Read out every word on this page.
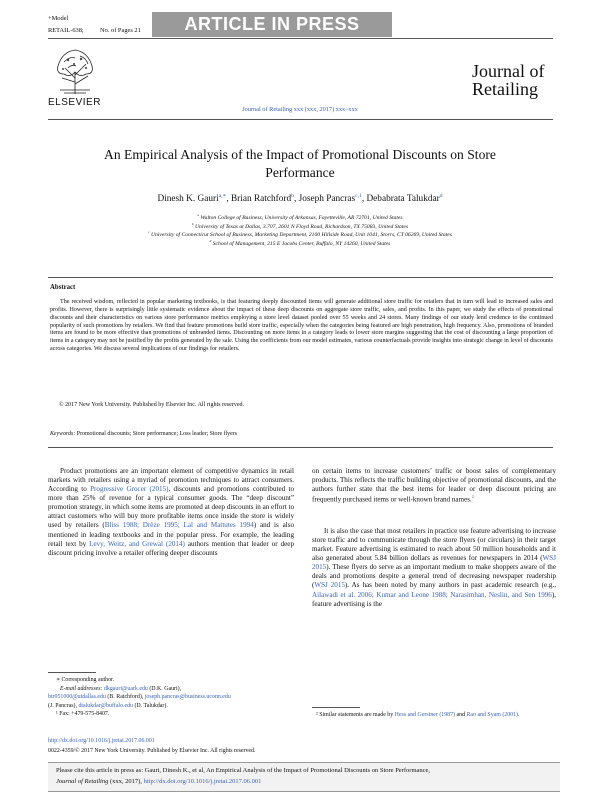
+Model
RETAIL-638;	No. of Pages 21	ARTICLE IN PRESS
ELSEVIER
Journal of
Retailing
Journal of Retailing xxx (xxx, 2017) xxx–xxx
An Empirical Analysis of the Impact of Promotional Discounts on Store
Performance
Dinesh K. Gauri$^{a,∗}$, Brian Ratchford$^b$, Joseph Pancras$^{c,1}$, Debabrata Talukdar$^d$
$^a$ Walton College of Business, University of Arkansas, Fayetteville, AR 72701, United States
$^b$ University of Texas at Dallas, 3.707, 2601 N Floyd Road, Richardson, TX 75083, United States
$^c$ University of Connecticut School of Business, Marketing Department, 2100 Hillside Road, Unit 1041, Storrs, CT 06269, United States
$^d$ School of Management, 215 E Jacobs Center, Buffalo, NY 14260, United States
Abstract
The received wisdom, reflected in popular marketing textbooks, is that featuring deeply discounted items will generate additional store traffic for retailers that in turn will lead to increased sales and profits. However, there is surprisingly little systematic evidence about the impact of these deep discounts on aggregate store traffic, sales, and profits. In this paper, we study the effects of promotional discounts and their characteristics on various store performance metrics employing a store level dataset pooled over 55 weeks and 24 stores. Many findings of our study lend credence to the continued popularity of such promotions by retailers. We find that feature promotions build store traffic, especially when the categories being featured are high penetration, high frequency. Also, promotions of branded items are found to be more effective than promotions of unbranded items. Discounting on more items in a category leads to lower store margins suggesting that the cost of discounting a large proportion of items in a category may not be justified by the profits generated by the sale. Using the coefficients from our model estimates, various counterfactuals provide insights into strategic change in level of discounts across categories. We discuss several implications of our findings for retailers.
© 2017 New York University. Published by Elsevier Inc. All rights reserved.
Keywords: Promotional discounts; Store performance; Loss leader; Store flyers
Product promotions are an important element of competitive dynamics in retail markets with retailers using a myriad of promotion techniques to attract consumers. According to Progressive Grocer (2015), discounts and promotions contributed to more than 25% of revenue for a typical consumer goods. The “deep discount” promotion strategy, in which some items are promoted at deep discounts in an effort to attract customers who will buy more profitable items once inside the store is widely used by retailers (Bliss 1988; Drèze 1995; Lal and Mattutes 1994) and is also mentioned in leading textbooks and in the popular press. For example, the leading retail text by Levy, Weitz, and Grewal (2014) authors mention that leader or deep discount pricing involve a retailer offering deeper discounts
on certain items to increase customers’ traffic or boost sales of complementary products. This reflects the traffic building objective of promotional discounts, and the authors further state that the best items for leader or deep discount pricing are frequently purchased items or well-known brand names.$^2$
It is also the case that most retailers in practice use feature advertising to increase store traffic and to communicate through the store flyers (or circulars) in their target market. Feature advertising is estimated to reach about 50 million households and it also generated about 5.84 billion dollars as revenues for newspapers in 2014 (WSJ 2015). These flyers do serve as an important medium to make shoppers aware of the deals and promotions despite a general trend of decreasing newspaper readership (WSJ 2015). As has been noted by many authors in past academic research (e.g., Ailawadi et al. 2006; Kumar and Leone 1988; Narasimhan, Neslin, and Sen 1996), feature advertising is the
∗ Corresponding author.
E-mail addresses: dkgauri@uark.edu (D.K. Gauri),
btr051000@utdallas.edu (B. Ratchford), joseph.pancras@business.uconn.edu
(J. Pancras), dtalukdar@buffalo.edu (D. Talukdar).
¹ Fax: +479-575-8407.	² Similar statements are made by Hess and Gerstner (1987) and Rao and Syam (2001).
http://dx.doi.org/10.1016/j.jretai.2017.06.001
0022-4359/© 2017 New York University. Published by Elsevier Inc. All rights reserved.
Please cite this article in press as: Gauri, Dinesh K., et al, An Empirical Analysis of the Impact of Promotional Discounts on Store Performance,
Journal of Retailing (xxx, 2017), http://dx.doi.org/10.1016/j.jretai.2017.06.001
